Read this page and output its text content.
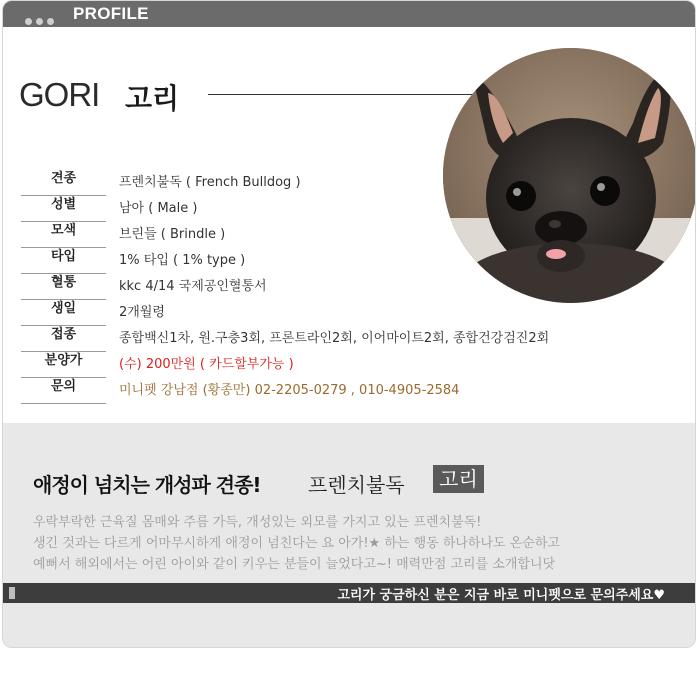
PROFILE
GORI 고리
견종	프렌치불독 ( French Bulldog )
성별	남아 ( Male )
모색	브린들 ( Brindle )
타입	1% 타입 ( 1% type )
혈통	kkc 4/14 국제공인혈통서
생일	2개월령
접종	종합백신1차, 원.구충3회, 프론트라인2회, 이어마이트2회, 종합건강검진2회
분양가	(수) 200만원 ( 카드할부가능 )
문의	미니펫 강남점 (황종만) 02-2205-0279 , 010-4905-2584
애정이 넘치는 개성파 견종! 프렌치불독	고리
우락부락한 근육질 몸매와 주름 가득, 개성있는 외모를 가지고 있는 프렌치불독!
생긴 것과는 다르게 어마무시하게 애정이 넘친다는 요 아가!★ 하는 행동 하나하나도 온순하고
예뻐서 해외에서는 어린 아이와 같이 키우는 분들이 늘었다고~! 매력만점 고리를 소개합니닷
고리가 궁금하신 분은 지금 바로 미니펫으로 문의주세요♥
